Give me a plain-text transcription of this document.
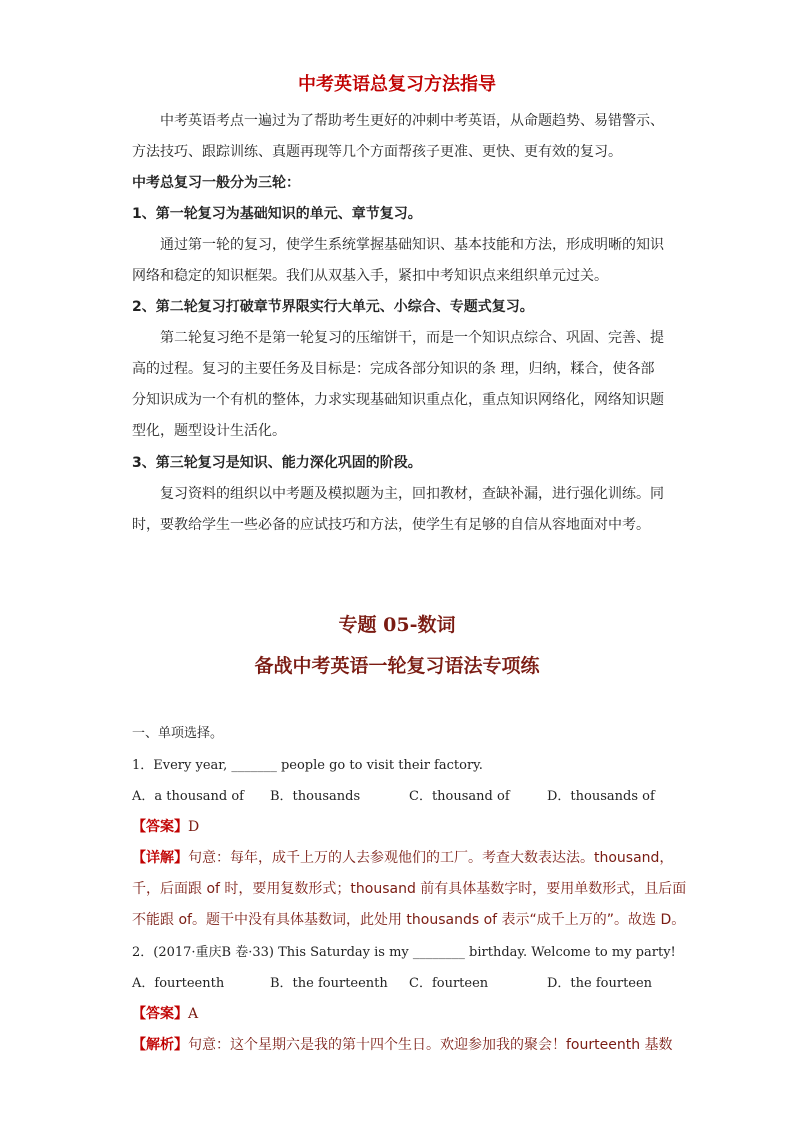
中考英语总复习方法指导
中考英语考点一遍过为了帮助考生更好的冲刺中考英语，从命题趋势、易错警示、
方法技巧、跟踪训练、真题再现等几个方面帮孩子更准、更快、更有效的复习。
中考总复习一般分为三轮：
1、第一轮复习为基础知识的单元、章节复习。
通过第一轮的复习，使学生系统掌握基础知识、基本技能和方法，形成明晰的知识
网络和稳定的知识框架。我们从双基入手，紧扣中考知识点来组织单元过关。
2、第二轮复习打破章节界限实行大单元、小综合、专题式复习。
第二轮复习绝不是第一轮复习的压缩饼干，而是一个知识点综合、巩固、完善、提
高的过程。复习的主要任务及目标是：完成各部分知识的条 理，归纳，糅合，使各部
分知识成为一个有机的整体，力求实现基础知识重点化，重点知识网络化，网络知识题
型化，题型设计生活化。
3、第三轮复习是知识、能力深化巩固的阶段。
复习资料的组织以中考题及模拟题为主，回扣教材，查缺补漏，进行强化训练。同
时，要教给学生一些必备的应试技巧和方法，使学生有足够的自信从容地面对中考。
专题 05-数词
备战中考英语一轮复习语法专项练
一、单项选择。
1．Every year, _______ people go to visit their factory.
A．a thousand of B．thousands	C．thousand of	D．thousands of
【答案】D
【详解】句意：每年，成千上万的人去参观他们的工厂。考查大数表达法。thousand，
千，后面跟 of 时，要用复数形式；thousand 前有具体基数字时，要用单数形式，且后面
不能跟 of。题干中没有具体基数词，此处用 thousands of 表示“成千上万的”。故选 D。
2．(2017·重庆B 卷·33) This Saturday is my ________ birthday. Welcome to my party!
A．fourteenth	B．the fourteenth C．fourteen	D．the fourteen
【答案】A
【解析】句意：这个星期六是我的第十四个生日。欢迎参加我的聚会！fourteenth 基数
